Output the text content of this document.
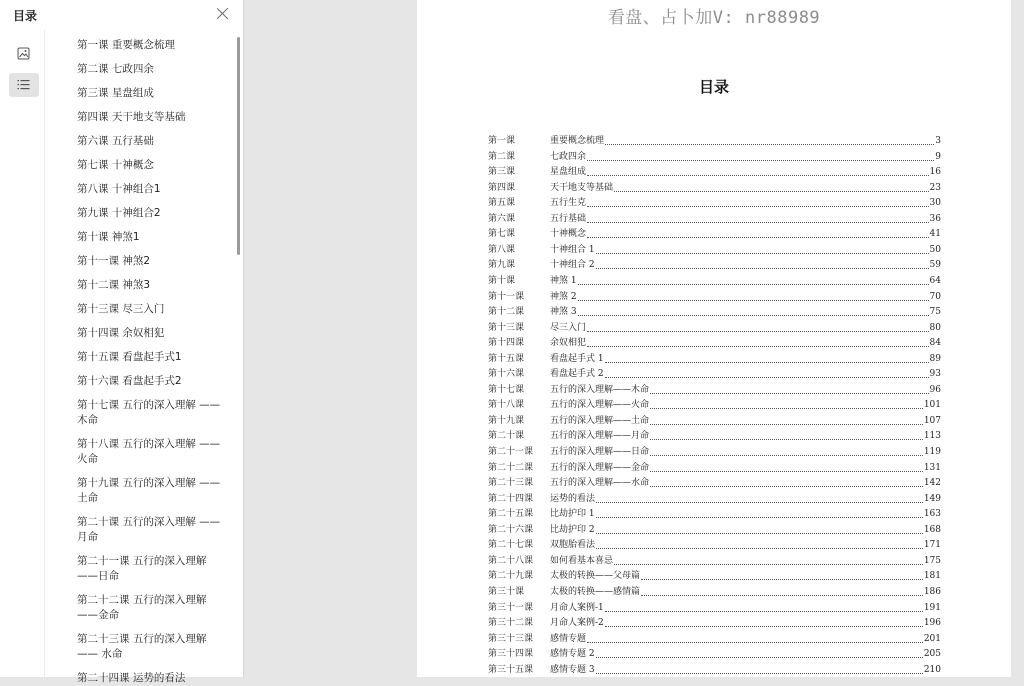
目录
第一课 重要概念梳理
第二课 七政四余
第三课 星盘组成
第四课 天干地支等基础
第六课 五行基础
第七课 十神概念
第八课 十神组合1
第九课 十神组合2
第十课 神煞1
第十一课 神煞2
第十二课 神煞3
第十三课 尽三入门
第十四课 余奴相犯
第十五课 看盘起手式1
第十六课 看盘起手式2
第十七课 五行的深入理解 ——木命
第十八课 五行的深入理解 ——火命
第十九课 五行的深入理解 ——土命
第二十课 五行的深入理解 ——月命
第二十一课 五行的深入理解 ——日命
第二十二课 五行的深入理解 ——金命
第二十三课 五行的深入理解 —— 水命
第二十四课 运势的看法
看盘、占卜加V: nr88989
目录
第一课	重要概念梳理	3
第二课	七政四余	9
第三课	星盘组成	16
第四课	天干地支等基础	23
第五课	五行生克	30
第六课	五行基础	36
第七课	十神概念	41
第八课	十神组合 1	50
第九课	十神组合 2	59
第十课	神煞 1	64
第十一课	神煞 2	70
第十二课	神煞 3	75
第十三课	尽三入门	80
第十四课	余奴相犯	84
第十五课	看盘起手式 1	89
第十六课	看盘起手式 2	93
第十七课	五行的深入理解——木命	96
第十八课	五行的深入理解——火命	101
第十九课	五行的深入理解——土命	107
第二十课	五行的深入理解——月命	113
第二十一课	五行的深入理解——日命	119
第二十二课	五行的深入理解——金命	131
第二十三课	五行的深入理解——水命	142
第二十四课	运势的看法	149
第二十五课	比劫护印 1	163
第二十六课	比劫护印 2	168
第二十七课	双胞胎看法	171
第二十八课	如何看基本喜忌	175
第二十九课	太极的转换——父母篇	181
第三十课	太极的转换——感情篇	186
第三十一课	月命人案例-1	191
第三十二课	月命人案例-2	196
第三十三课	感情专题	201
第三十四课	感情专题 2	205
第三十五课	感情专题 3	210
